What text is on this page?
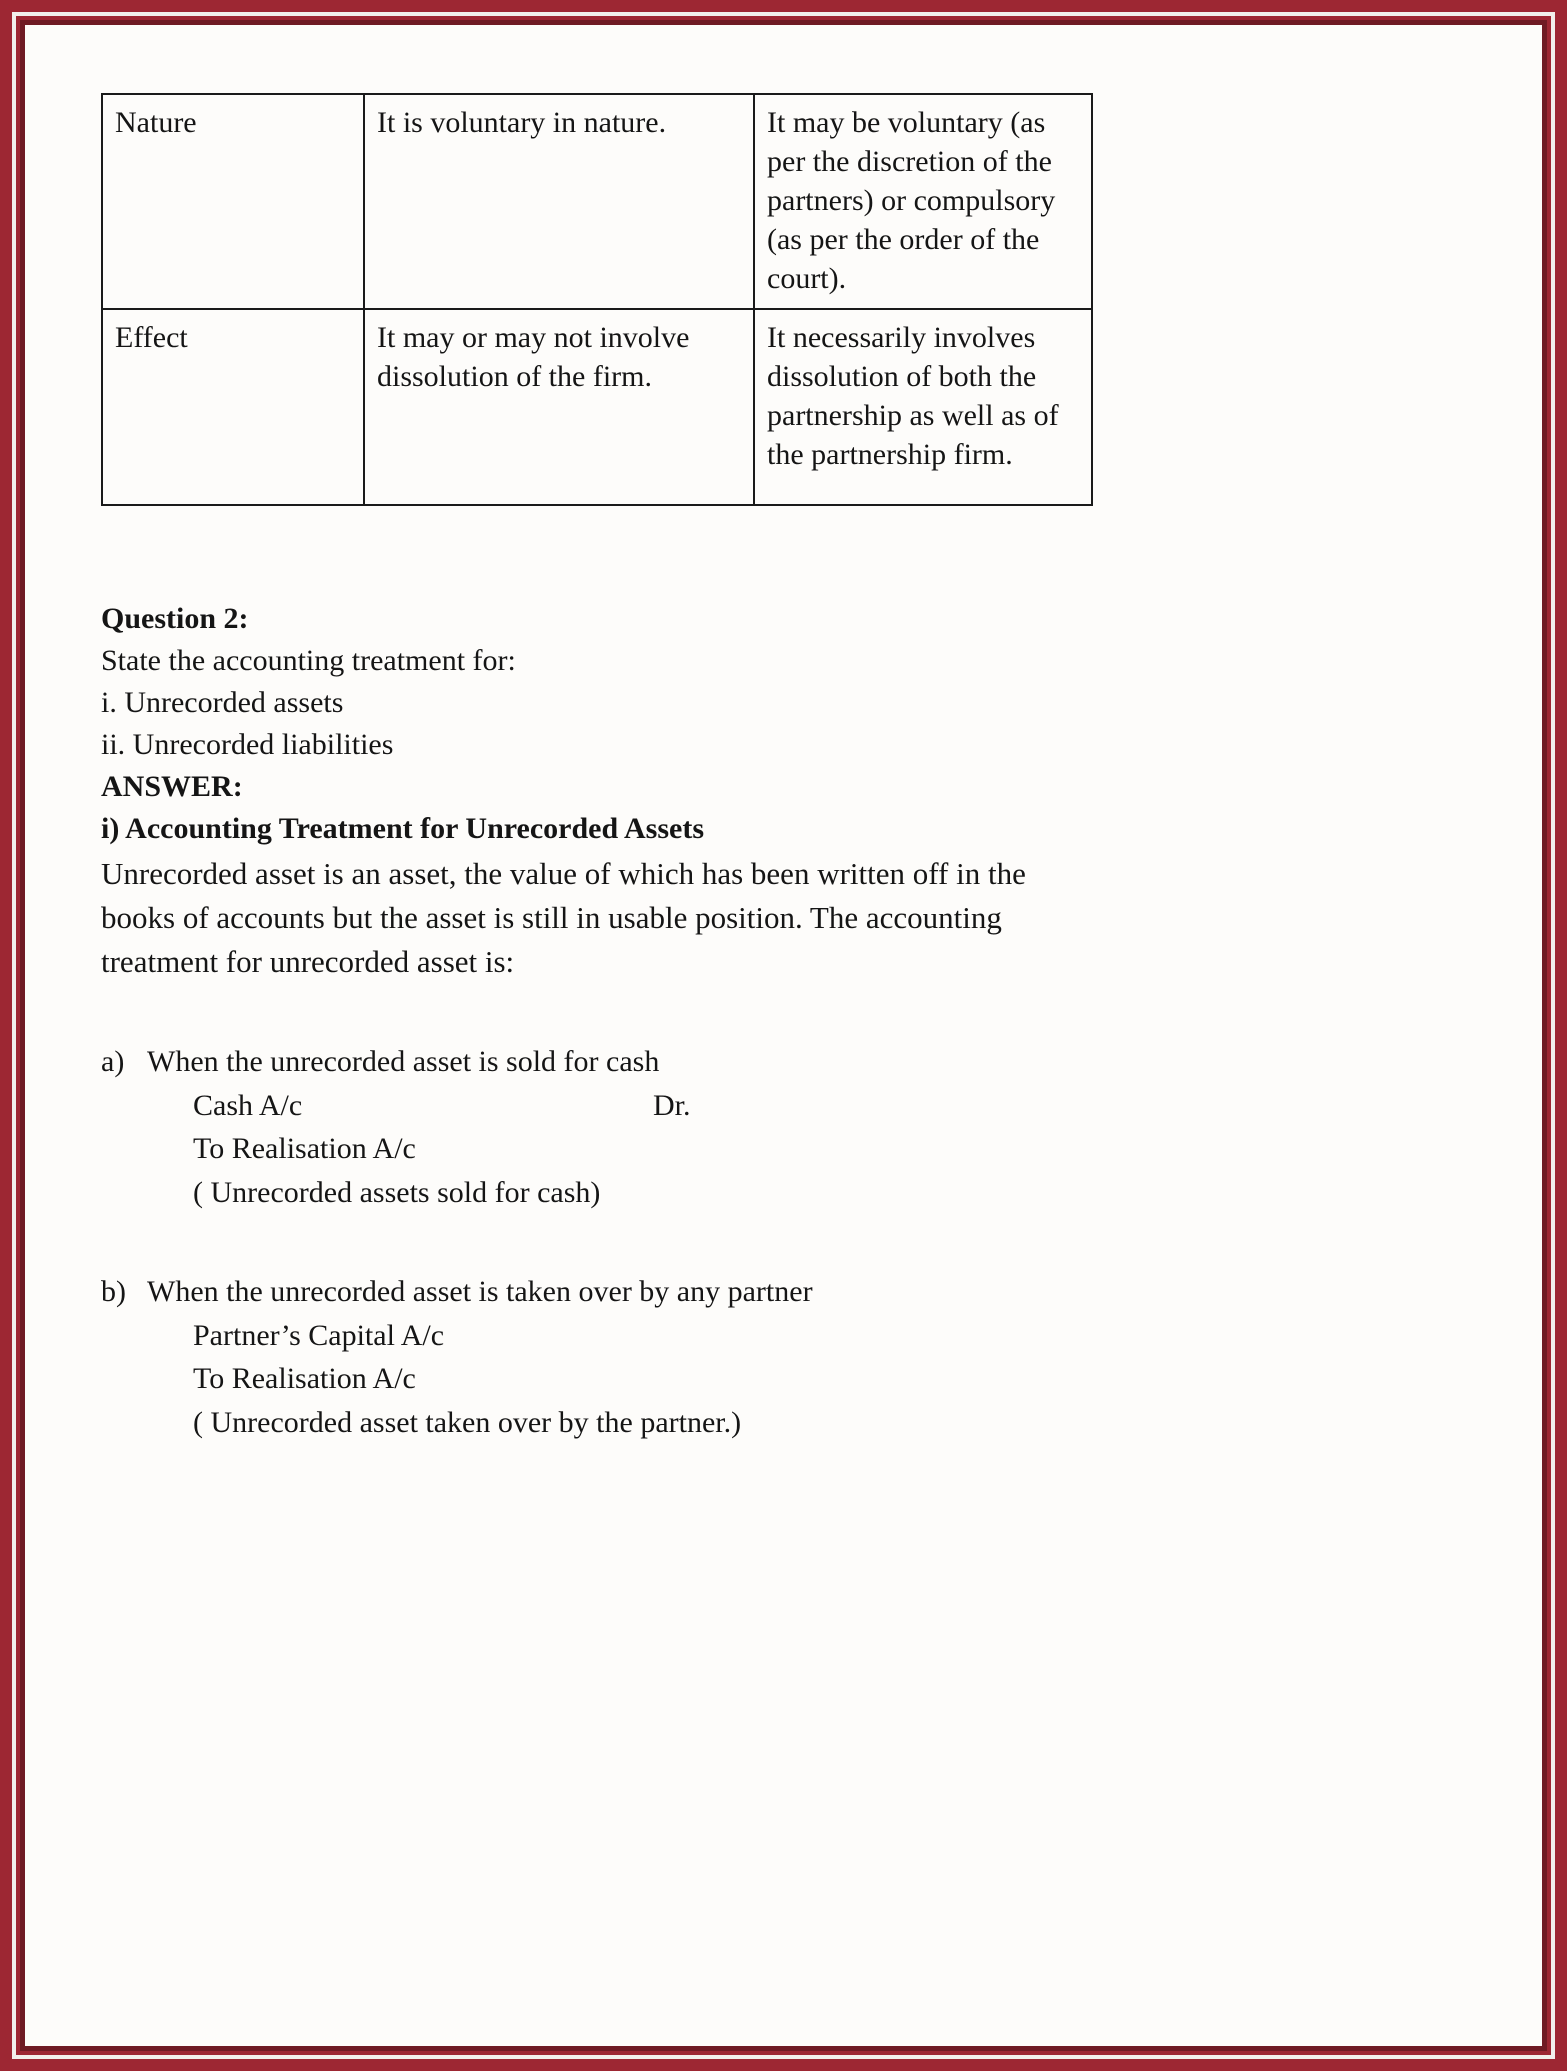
Nature	It is voluntary in nature.	It may be voluntary (as per the discretion of the partners) or compulsory (as per the order of the court).
Effect	It may or may not involve dissolution of the firm.	It necessarily involves dissolution of both the partnership as well as of the partnership firm.
Question 2:
State the accounting treatment for:
i. Unrecorded assets
ii. Unrecorded liabilities
ANSWER:
i) Accounting Treatment for Unrecorded Assets
Unrecorded asset is an asset, the value of which has been written off in the books of accounts but the asset is still in usable position. The accounting treatment for unrecorded asset is:
a) When the unrecorded asset is sold for cash
Cash A/c	Dr.
To Realisation A/c
( Unrecorded assets sold for cash)
b) When the unrecorded asset is taken over by any partner
Partner’s Capital A/c
To Realisation A/c
( Unrecorded asset taken over by the partner.)
